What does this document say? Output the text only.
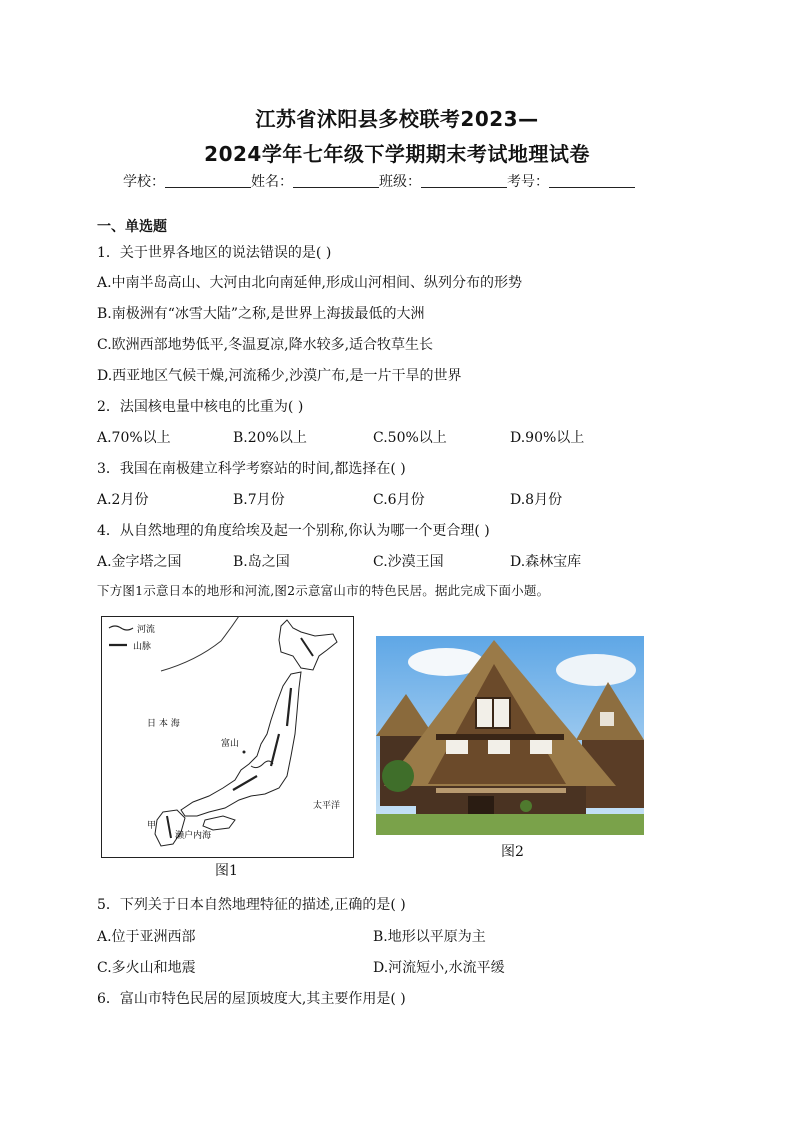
江苏省沭阳县多校联考2023—
2024学年七年级下学期期末考试地理试卷
学校：	姓名：	班级：	考号：
一、单选题
1．关于世界各地区的说法错误的是( )
A.中南半岛高山、大河由北向南延伸,形成山河相间、纵列分布的形势
B.南极洲有“冰雪大陆”之称,是世界上海拔最低的大洲
C.欧洲西部地势低平,冬温夏凉,降水较多,适合牧草生长
D.西亚地区气候干燥,河流稀少,沙漠广布,是一片干旱的世界
2．法国核电量中核电的比重为( )
A.70%以上	B.20%以上	C.50%以上	D.90%以上
3．我国在南极建立科学考察站的时间,都选择在( )
A.2月份	B.7月份	C.6月份	D.8月份
4．从自然地理的角度给埃及起一个别称,你认为哪一个更合理( )
A.金字塔之国	B.岛之国	C.沙漠王国	D.森林宝库
下方图1示意日本的地形和河流,图2示意富山市的特色民居。据此完成下面小题。
河流
山脉
日 本 海
富山
太平洋
濑户内海
甲
图1
图2
5．下列关于日本自然地理特征的描述,正确的是( )
A.位于亚洲西部	B.地形以平原为主
C.多火山和地震	D.河流短小,水流平缓
6．富山市特色民居的屋顶坡度大,其主要作用是( )
